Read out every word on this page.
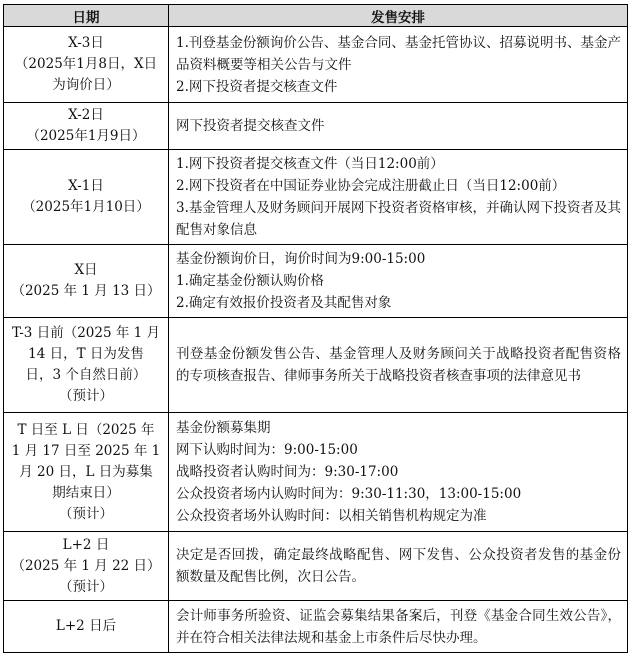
日期	发售安排

X-3日
（2025年1月8日，X日
为询价日）	1.刊登基金份额询价公告、基金合同、基金托管协议、招募说明书、基金产品资料概要等相关公告与文件
2.网下投资者提交核查文件

X-2日
（2025年1月9日）	网下投资者提交核查文件

X-1日
（2025年1月10日）	1.网下投资者提交核查文件（当日12:00前）
2.网下投资者在中国证券业协会完成注册截止日（当日12:00前）
3.基金管理人及财务顾问开展网下投资者资格审核，并确认网下投资者及其配售对象信息

X日
（2025 年 1 月 13 日）	基金份额询价日，询价时间为9:00-15:00
1.确定基金份额认购价格
2.确定有效报价投资者及其配售对象

T-3 日前（2025 年 1 月
14 日，T 日为发售
日，3 个自然日前）
（预计）	刊登基金份额发售公告、基金管理人及财务顾问关于战略投资者配售资格的专项核查报告、律师事务所关于战略投资者核查事项的法律意见书

T 日至 L 日（2025 年
1 月 17 日至 2025 年 1
月 20 日，L 日为募集
期结束日）
（预计）	基金份额募集期
网下认购时间为：9:00-15:00
战略投资者认购时间为：9:30-17:00
公众投资者场内认购时间为：9:30-11:30，13:00-15:00
公众投资者场外认购时间：以相关销售机构规定为准

L+2 日
（2025 年 1 月 22 日）
（预计）	决定是否回拨，确定最终战略配售、网下发售、公众投资者发售的基金份额数量及配售比例，次日公告。

L+2 日后	会计师事务所验资、证监会募集结果备案后，刊登《基金合同生效公告》，并在符合相关法律法规和基金上市条件后尽快办理。
